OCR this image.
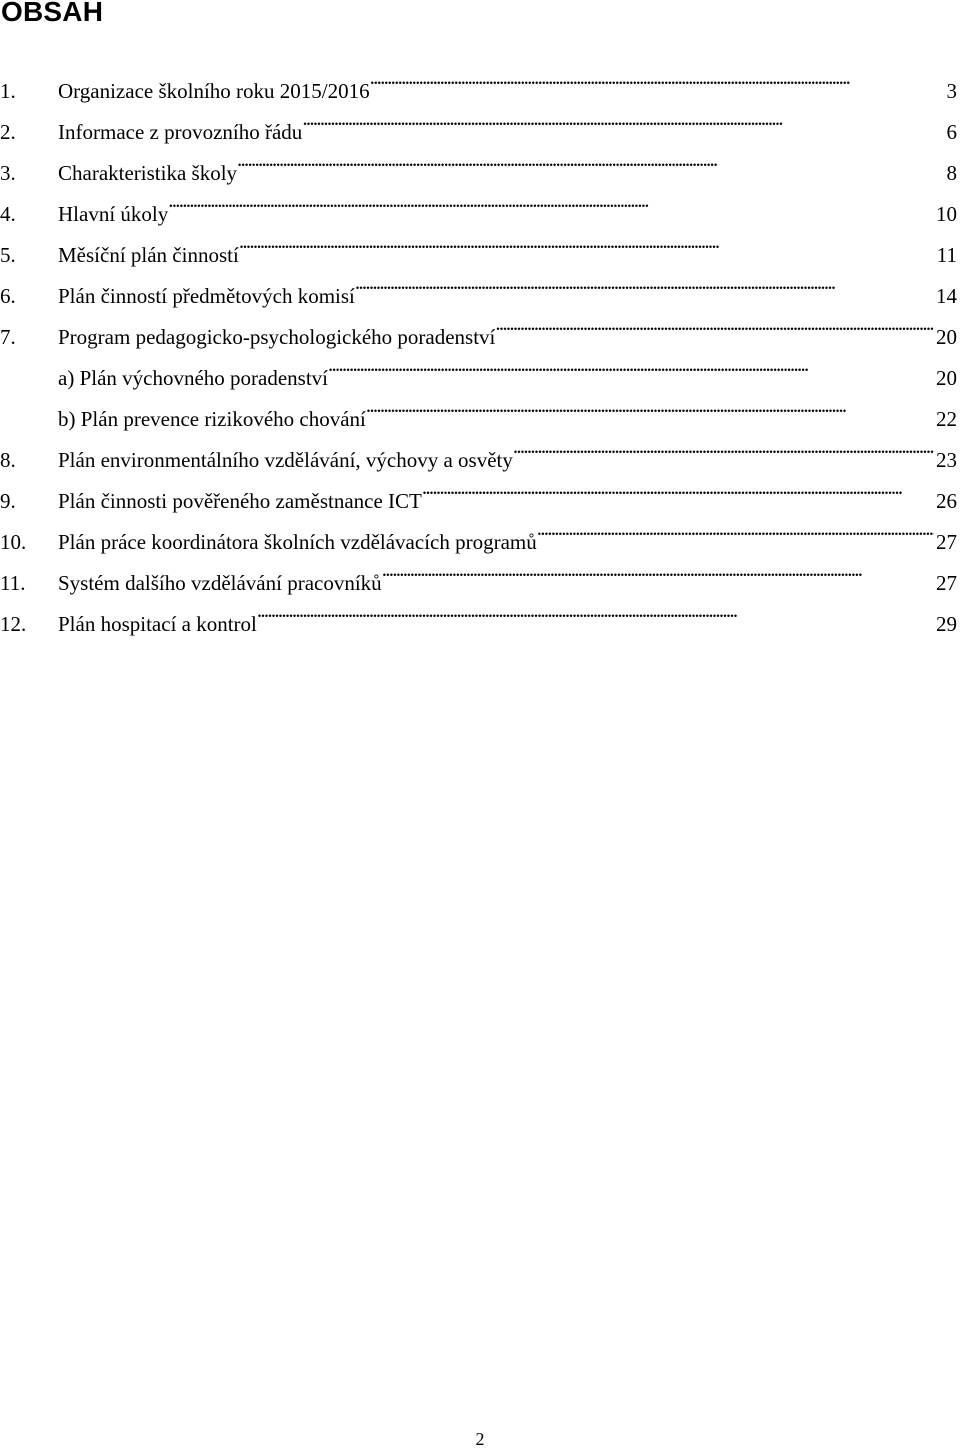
OBSAH
1.	Organizace školního roku 2015/2016 . . .	3
2.	Informace z provozního řádu . . .	6
3.	Charakteristika školy . . .	8
4.	Hlavní úkoly . . .	10
5.	Měsíční plán činností . . .	11
6.	Plán činností předmětových komisí . . .	14
7.	Program pedagogicko-psychologického poradenství . . .	20
a) Plán výchovného poradenství . . .	20
b) Plán prevence rizikového chování . . .	22
8.	Plán environmentálního vzdělávání, výchovy a osvěty . . .	23
9.	Plán činnosti pověřeného zaměstnance ICT . . .	26
10.	Plán práce koordinátora školních vzdělávacích programů . . .	27
11.	Systém dalšího vzdělávání pracovníků . . .	27
12.	Plán hospitací a kontrol . . .	29
2
